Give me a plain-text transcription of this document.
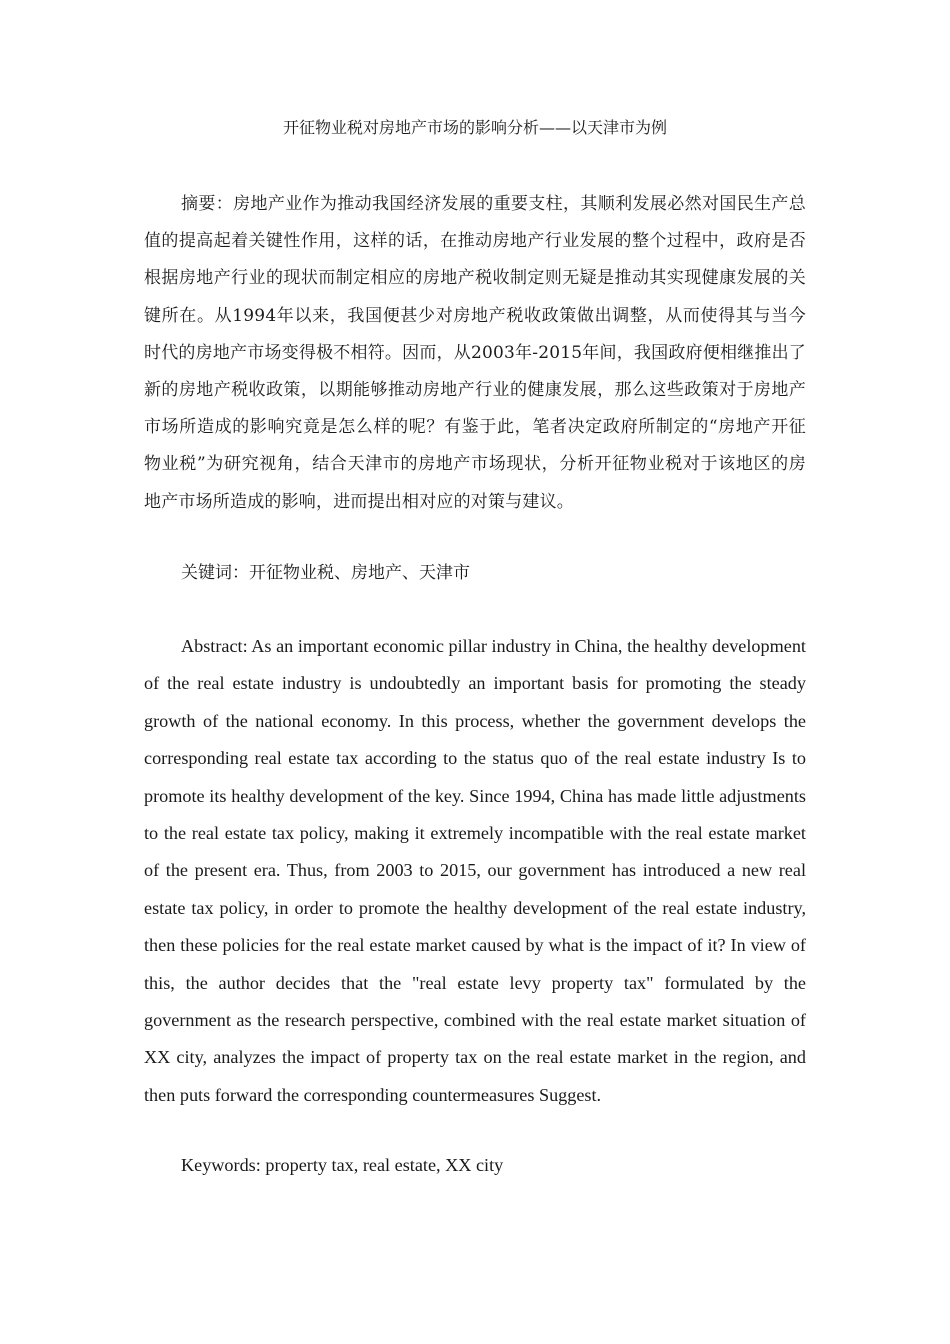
开征物业税对房地产市场的影响分析——以天津市为例

摘要：房地产业作为推动我国经济发展的重要支柱，其顺利发展必然对国民生产总值的提高起着关键性作用，这样的话，在推动房地产行业发展的整个过程中，政府是否根据房地产行业的现状而制定相应的房地产税收制定则无疑是推动其实现健康发展的关键所在。从1994年以来，我国便甚少对房地产税收政策做出调整，从而使得其与当今时代的房地产市场变得极不相符。因而，从2003年-2015年间，我国政府便相继推出了新的房地产税收政策，以期能够推动房地产行业的健康发展，那么这些政策对于房地产市场所造成的影响究竟是怎么样的呢？有鉴于此，笔者决定政府所制定的“房地产开征物业税”为研究视角，结合天津市的房地产市场现状，分析开征物业税对于该地区的房地产市场所造成的影响，进而提出相对应的对策与建议。

关键词：开征物业税、房地产、天津市

Abstract: As an important economic pillar industry in China, the healthy development of the real estate industry is undoubtedly an important basis for promoting the steady growth of the national economy. In this process, whether the government develops the corresponding real estate tax according to the status quo of the real estate industry Is to promote its healthy development of the key. Since 1994, China has made little adjustments to the real estate tax policy, making it extremely incompatible with the real estate market of the present era. Thus, from 2003 to 2015, our government has introduced a new real estate tax policy, in order to promote the healthy development of the real estate industry, then these policies for the real estate market caused by what is the impact of it? In view of this, the author decides that the "real estate levy property tax" formulated by the government as the research perspective, combined with the real estate market situation of XX city, analyzes the impact of property tax on the real estate market in the region, and then puts forward the corresponding countermeasures Suggest.

Keywords: property tax, real estate, XX city
